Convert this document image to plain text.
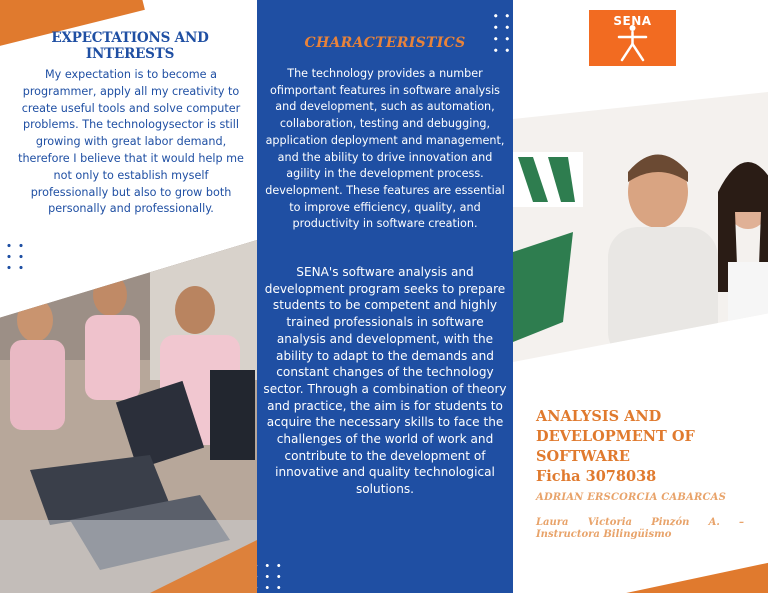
EXPECTATIONS AND INTERESTS
My expectation is to become a programmer, apply all my creativity to create useful tools and solve computer problems. The technologysector is still growing with great labor demand, therefore I believe that it would help me not only to establish myself professionally but also to grow both personally and professionally.
CHARACTERISTICS
The technology provides a number ofimportant features in software analysis and development, such as automation, collaboration, testing and debugging, application deployment and management, and the ability to drive innovation and agility in the development process. development. These features are essential to improve efficiency, quality, and productivity in software creation.
SENA's software analysis and development program seeks to prepare students to be competent and highly trained professionals in software analysis and development, with the ability to adapt to the demands and constant changes of the technology sector. Through a combination of theory and practice, the aim is for students to acquire the necessary skills to face the challenges of the world of work and contribute to the development of innovative and quality technological solutions.
SENA
ANALYSIS AND
DEVELOPMENT OF
SOFTWARE
Ficha 3078038
ADRIAN ERSCORCIA CABARCAS
Laura Victoria Pinzón A. –
Instructora Bilingüismo
